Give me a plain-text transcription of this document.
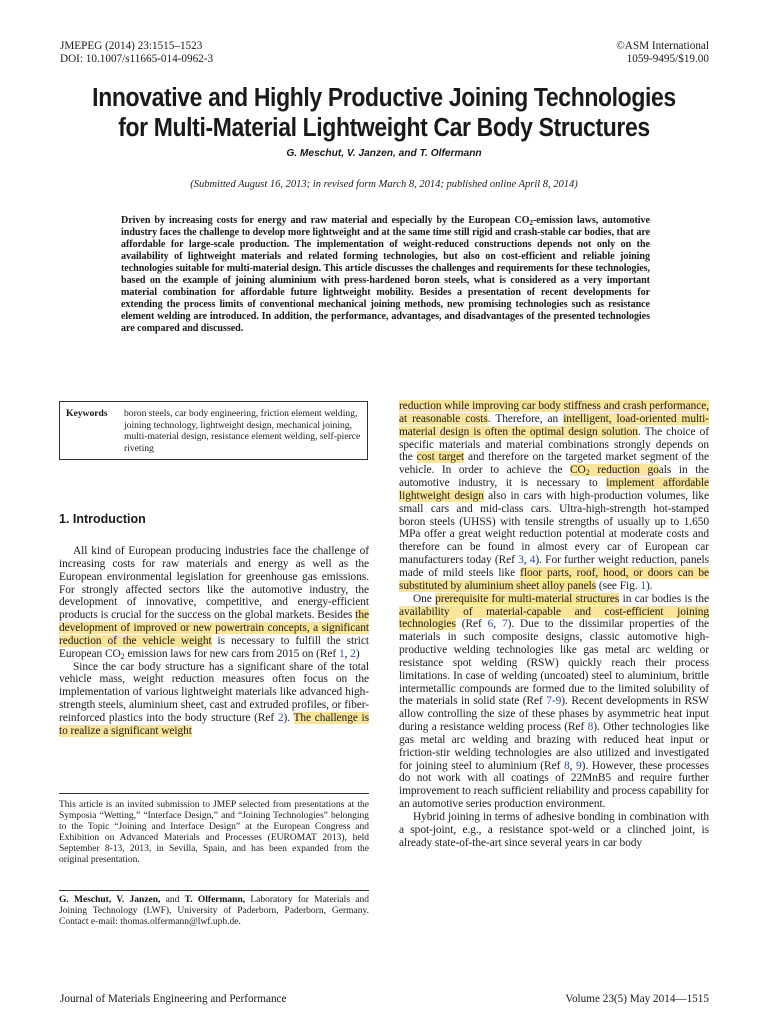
JMEPEG (2014) 23:1515–1523
DOI: 10.1007/s11665-014-0962-3
©ASM International
1059-9495/$19.00
Innovative and Highly Productive Joining Technologies
for Multi-Material Lightweight Car Body Structures
G. Meschut, V. Janzen, and T. Olfermann
(Submitted August 16, 2013; in revised form March 8, 2014; published online April 8, 2014)
Driven by increasing costs for energy and raw material and especially by the European $CO_2$-emission laws, automotive industry faces the challenge to develop more lightweight and at the same time still rigid and crash-stable car bodies, that are affordable for large-scale production. The implementation of weight-reduced constructions depends not only on the availability of lightweight materials and related forming technologies, but also on cost-efficient and reliable joining technologies suitable for multi-material design. This article discusses the challenges and requirements for these technologies, based on the example of joining aluminium with press-hardened boron steels, what is considered as a very important material combination for affordable future lightweight mobility. Besides a presentation of recent developments for extending the process limits of conventional mechanical joining methods, new promising technologies such as resistance element welding are introduced. In addition, the performance, advantages, and disadvantages of the presented technologies are compared and discussed.
Keywords	boron steels, car body engineering, friction element welding, joining technology, lightweight design, mechanical joining, multi-material design, resistance element welding, self-pierce riveting
1. Introduction

All kind of European producing industries face the challenge of increasing costs for raw materials and energy as well as the European environmental legislation for greenhouse gas emissions. For strongly affected sectors like the automotive industry, the development of innovative, competitive, and energy-efficient products is crucial for the success on the global markets. Besides the development of improved or new powertrain concepts, a significant reduction of the vehicle weight is necessary to fulfill the strict European $CO_2$ emission laws for new cars from 2015 on (Ref 1, 2)

Since the car body structure has a significant share of the total vehicle mass, weight reduction measures often focus on the implementation of various lightweight materials like advanced high-strength steels, aluminium sheet, cast and extruded profiles, or fiber-reinforced plastics into the body structure (Ref 2). The challenge is to realize a significant weight

This article is an invited submission to JMEP selected from presentations at the Symposia “Wetting,” “Interface Design,” and “Joining Technologies” belonging to the Topic “Joining and Interface Design” at the European Congress and Exhibition on Advanced Materials and Processes (EUROMAT 2013), held September 8-13, 2013, in Sevilla, Spain, and has been expanded from the original presentation.
G. Meschut, V. Janzen, and T. Olfermann, Laboratory for Materials and Joining Technology (LWF), University of Paderborn, Paderborn, Germany. Contact e-mail: thomas.olfermann@lwf.upb.de.

reduction while improving car body stiffness and crash performance, at reasonable costs. Therefore, an intelligent, load-oriented multi-material design is often the optimal design solution. The choice of specific materials and material combinations strongly depends on the cost target and therefore on the targeted market segment of the vehicle. In order to achieve the $CO_2$ reduction goals in the automotive industry, it is necessary to implement affordable lightweight design also in cars with high-production volumes, like small cars and mid-class cars. Ultra-high-strength hot-stamped boron steels (UHSS) with tensile strengths of usually up to 1.650 MPa offer a great weight reduction potential at moderate costs and therefore can be found in almost every car of European car manufacturers today (Ref 3, 4). For further weight reduction, panels made of mild steels like floor parts, roof, hood, or doors can be substituted by aluminium sheet alloy panels (see Fig. 1).

One prerequisite for multi-material structures in car bodies is the availability of material-capable and cost-efficient joining technologies (Ref 6, 7). Due to the dissimilar properties of the materials in such composite designs, classic automotive high-productive welding technologies like gas metal arc welding or resistance spot welding (RSW) quickly reach their process limitations. In case of welding (uncoated) steel to aluminium, brittle intermetallic compounds are formed due to the limited solubility of the materials in solid state (Ref 7-9). Recent developments in RSW allow controlling the size of these phases by asymmetric heat input during a resistance welding process (Ref 8). Other technologies like gas metal arc welding and brazing with reduced heat input or friction-stir welding technologies are also utilized and investigated for joining steel to aluminium (Ref 8, 9). However, these processes do not work with all coatings of 22MnB5 and require further improvement to reach sufficient reliability and process capability for an automotive series production environment.

Hybrid joining in terms of adhesive bonding in combination with a spot-joint, e.g., a resistance spot-weld or a clinched joint, is already state-of-the-art since several years in car body

Journal of Materials Engineering and Performance	Volume 23(5) May 2014—1515
